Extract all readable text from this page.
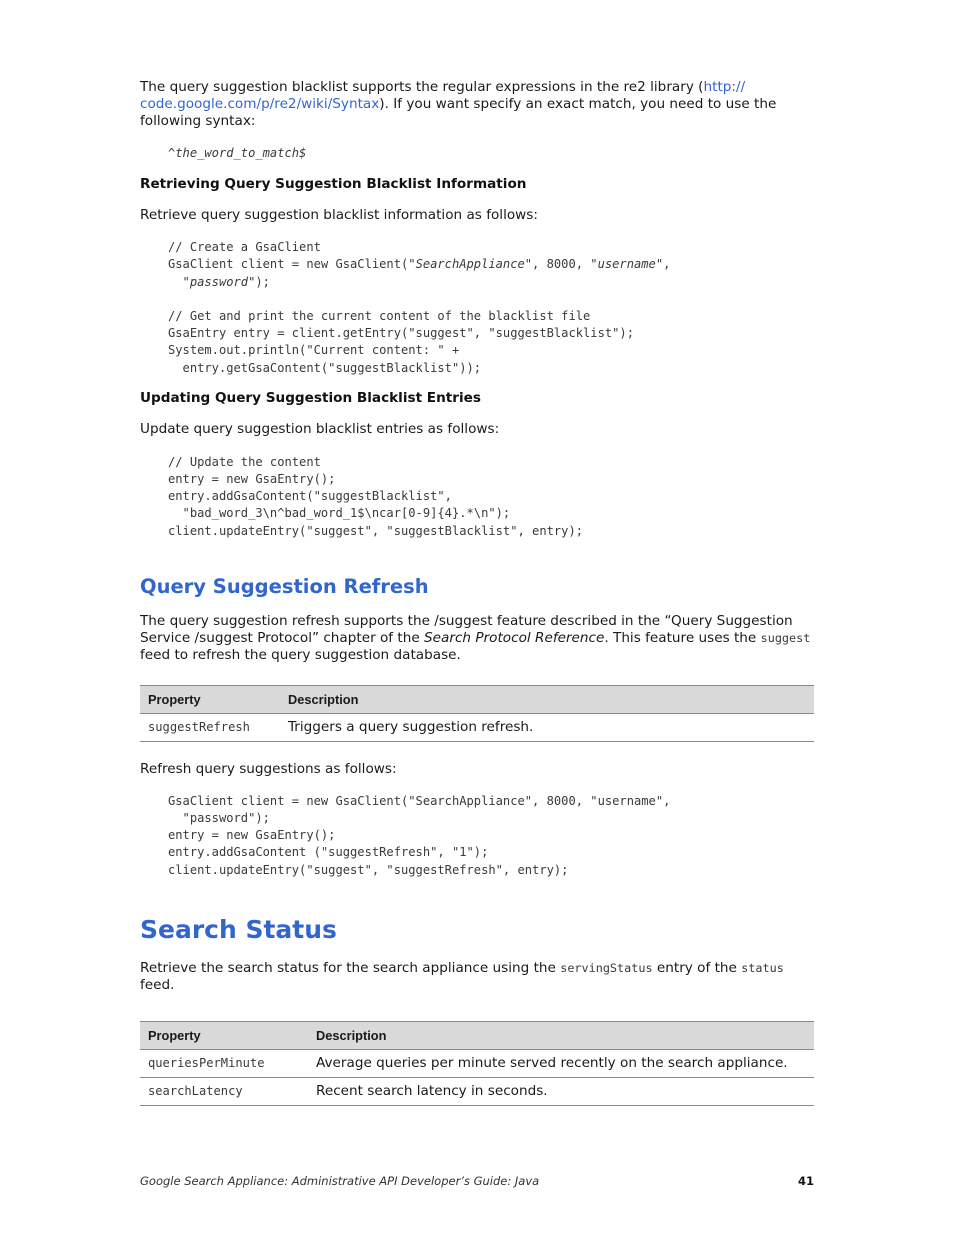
The query suggestion blacklist supports the regular expressions in the re2 library (http://
code.google.com/p/re2/wiki/Syntax). If you want specify an exact match, you need to use the following syntax:

^the_word_to_match$
Retrieving Query Suggestion Blacklist Information

Retrieve query suggestion blacklist information as follows:

// Create a GsaClient
GsaClient client = new GsaClient("SearchAppliance", 8000, "username",
"password");

// Get and print the current content of the blacklist file
GsaEntry entry = client.getEntry("suggest", "suggestBlacklist");
System.out.println("Current content: " +
entry.getGsaContent("suggestBlacklist"));
Updating Query Suggestion Blacklist Entries

Update query suggestion blacklist entries as follows:

// Update the content
entry = new GsaEntry();
entry.addGsaContent("suggestBlacklist",
"bad_word_3\n^bad_word_1$\ncar[0-9]{4}.*\n");
client.updateEntry("suggest", "suggestBlacklist", entry);
Query Suggestion Refresh

The query suggestion refresh supports the /suggest feature described in the “Query Suggestion Service /suggest Protocol” chapter of the Search Protocol Reference. This feature uses the suggest feed to refresh the query suggestion database.

Property	Description
suggestRefresh	Triggers a query suggestion refresh.

Refresh query suggestions as follows:

GsaClient client = new GsaClient("SearchAppliance", 8000, "username",
"password");
entry = new GsaEntry();
entry.addGsaContent ("suggestRefresh", "1");
client.updateEntry("suggest", "suggestRefresh", entry);
Search Status

Retrieve the search status for the search appliance using the servingStatus entry of the status feed.

Property	Description
queriesPerMinute	Average queries per minute served recently on the search appliance.
searchLatency	Recent search latency in seconds.
Google Search Appliance: Administrative API Developer’s Guide: Java	41
